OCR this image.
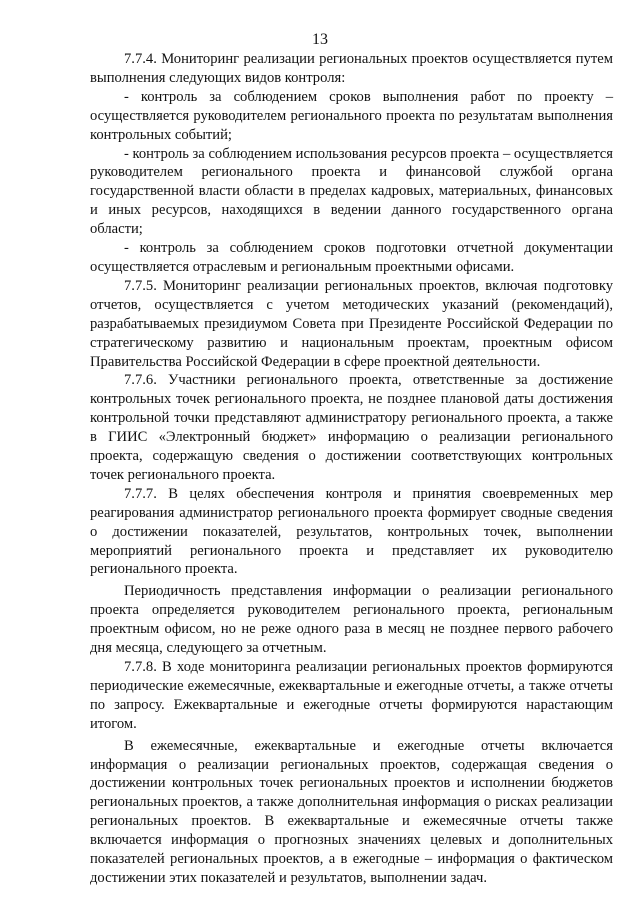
13

7.7.4. Мониторинг реализации региональных проектов осуществляется путем выполнения следующих видов контроля:

- контроль за соблюдением сроков выполнения работ по проекту – осуществляется руководителем регионального проекта по результатам выполнения контрольных событий;

- контроль за соблюдением использования ресурсов проекта – осуществляется руководителем регионального проекта и финансовой службой органа государственной власти области в пределах кадровых, материальных, финансовых и иных ресурсов, находящихся в ведении данного государственного органа области;

- контроль за соблюдением сроков подготовки отчетной документации осуществляется отраслевым и региональным проектными офисами.

7.7.5. Мониторинг реализации региональных проектов, включая подготовку отчетов, осуществляется с учетом методических указаний (рекомендаций), разрабатываемых президиумом Совета при Президенте Российской Федерации по стратегическому развитию и национальным проектам, проектным офисом Правительства Российской Федерации в сфере проектной деятельности.

7.7.6. Участники регионального проекта, ответственные за достижение контрольных точек регионального проекта, не позднее плановой даты достижения контрольной точки представляют администратору регионального проекта, а также в ГИИС «Электронный бюджет» информацию о реализации регионального проекта, содержащую сведения о достижении соответствующих контрольных точек регионального проекта.

7.7.7. В целях обеспечения контроля и принятия своевременных мер реагирования администратор регионального проекта формирует сводные сведения о достижении показателей, результатов, контрольных точек, выполнении мероприятий регионального проекта и представляет их руководителю регионального проекта.

Периодичность представления информации о реализации регионального проекта определяется руководителем регионального проекта, региональным проектным офисом, но не реже одного раза в месяц не позднее первого рабочего дня месяца, следующего за отчетным.

7.7.8. В ходе мониторинга реализации региональных проектов формируются периодические ежемесячные, ежеквартальные и ежегодные отчеты, а также отчеты по запросу. Ежеквартальные и ежегодные отчеты формируются нарастающим итогом.

В ежемесячные, ежеквартальные и ежегодные отчеты включается информация о реализации региональных проектов, содержащая сведения о достижении контрольных точек региональных проектов и исполнении бюджетов региональных проектов, а также дополнительная информация о рисках реализации региональных проектов. В ежеквартальные и ежемесячные отчеты также включается информация о прогнозных значениях целевых и дополнительных показателей региональных проектов, а в ежегодные – информация о фактическом достижении этих показателей и результатов, выполнении задач.
